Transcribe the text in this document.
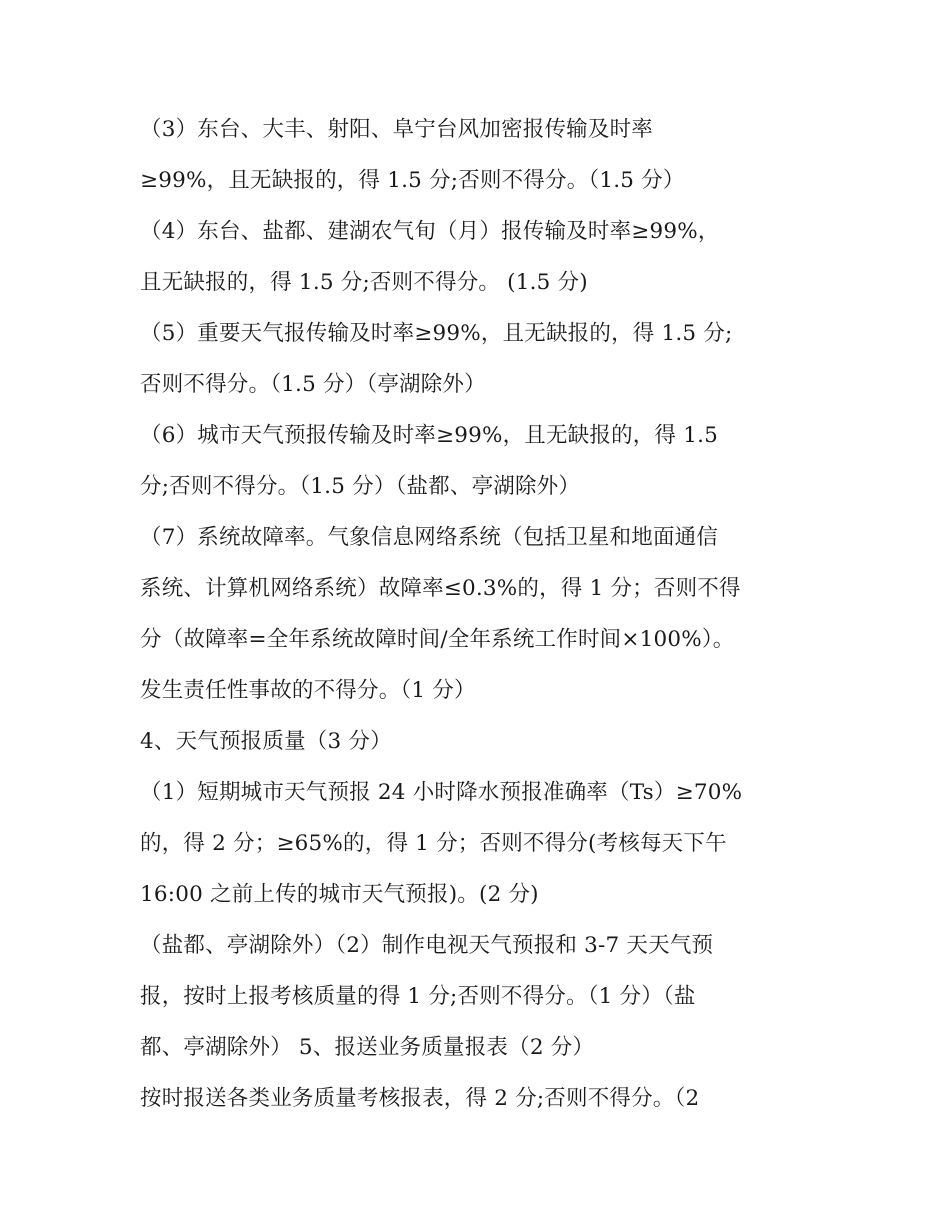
（3）东台、大丰、射阳、阜宁台风加密报传输及时率
≥99%，且无缺报的，得 1.5 分;否则不得分。（1.5 分）
（4）东台、盐都、建湖农气旬（月）报传输及时率≥99%，
且无缺报的，得 1.5 分;否则不得分。 (1.5 分)
（5）重要天气报传输及时率≥99%，且无缺报的，得 1.5 分;
否则不得分。（1.5 分）（亭湖除外）
（6）城市天气预报传输及时率≥99%，且无缺报的，得 1.5
分;否则不得分。（1.5 分）（盐都、亭湖除外）
（7）系统故障率。气象信息网络系统（包括卫星和地面通信
系统、计算机网络系统）故障率≤0.3%的，得 1 分；否则不得
分（故障率=全年系统故障时间/全年系统工作时间×100%）。
发生责任性事故的不得分。（1 分）
4、天气预报质量（3 分）
（1）短期城市天气预报 24 小时降水预报准确率（Ts）≥70%
的，得 2 分；≥65%的，得 1 分；否则不得分(考核每天下午
16:00 之前上传的城市天气预报)。(2 分)
（盐都、亭湖除外）（2）制作电视天气预报和 3-7 天天气预
报，按时上报考核质量的得 1 分;否则不得分。（1 分）（盐
都、亭湖除外） 5、报送业务质量报表（2 分）
按时报送各类业务质量考核报表，得 2 分;否则不得分。（2
